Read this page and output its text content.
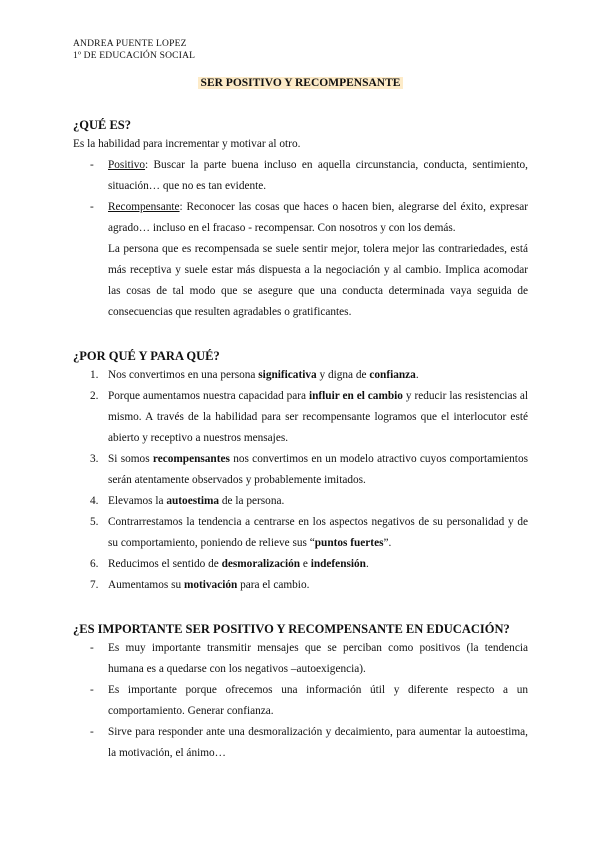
ANDREA PUENTE LOPEZ
1º DE EDUCACIÓN SOCIAL
SER POSITIVO Y RECOMPENSANTE
¿QUÉ ES?

Es la habilidad para incrementar y motivar al otro.

- Positivo: Buscar la parte buena incluso en aquella circunstancia, conducta, sentimiento, situación… que no es tan evidente.
- Recompensante: Reconocer las cosas que haces o hacen bien, alegrarse del éxito, expresar agrado… incluso en el fracaso - recompensar. Con nosotros y con los demás.

La persona que es recompensada se suele sentir mejor, tolera mejor las contrariedades, está más receptiva y suele estar más dispuesta a la negociación y al cambio. Implica acomodar las cosas de tal modo que se asegure que una conducta determinada vaya seguida de consecuencias que resulten agradables o gratificantes.

¿POR QUÉ Y PARA QUÉ?
1. Nos convertimos en una persona significativa y digna de confianza.
2. Porque aumentamos nuestra capacidad para influir en el cambio y reducir las resistencias al mismo. A través de la habilidad para ser recompensante logramos que el interlocutor esté abierto y receptivo a nuestros mensajes.
3. Si somos recompensantes nos convertimos en un modelo atractivo cuyos comportamientos serán atentamente observados y probablemente imitados.
4. Elevamos la autoestima de la persona.
5. Contrarrestamos la tendencia a centrarse en los aspectos negativos de su personalidad y de su comportamiento, poniendo de relieve sus “puntos fuertes”.
6. Reducimos el sentido de desmoralización e indefensión.
7. Aumentamos su motivación para el cambio.
¿ES IMPORTANTE SER POSITIVO Y RECOMPENSANTE EN EDUCACIÓN?
- Es muy importante transmitir mensajes que se perciban como positivos (la tendencia humana es a quedarse con los negativos –autoexigencia).
- Es importante porque ofrecemos una información útil y diferente respecto a un comportamiento. Generar confianza.
- Sirve para responder ante una desmoralización y decaimiento, para aumentar la autoestima, la motivación, el ánimo…
